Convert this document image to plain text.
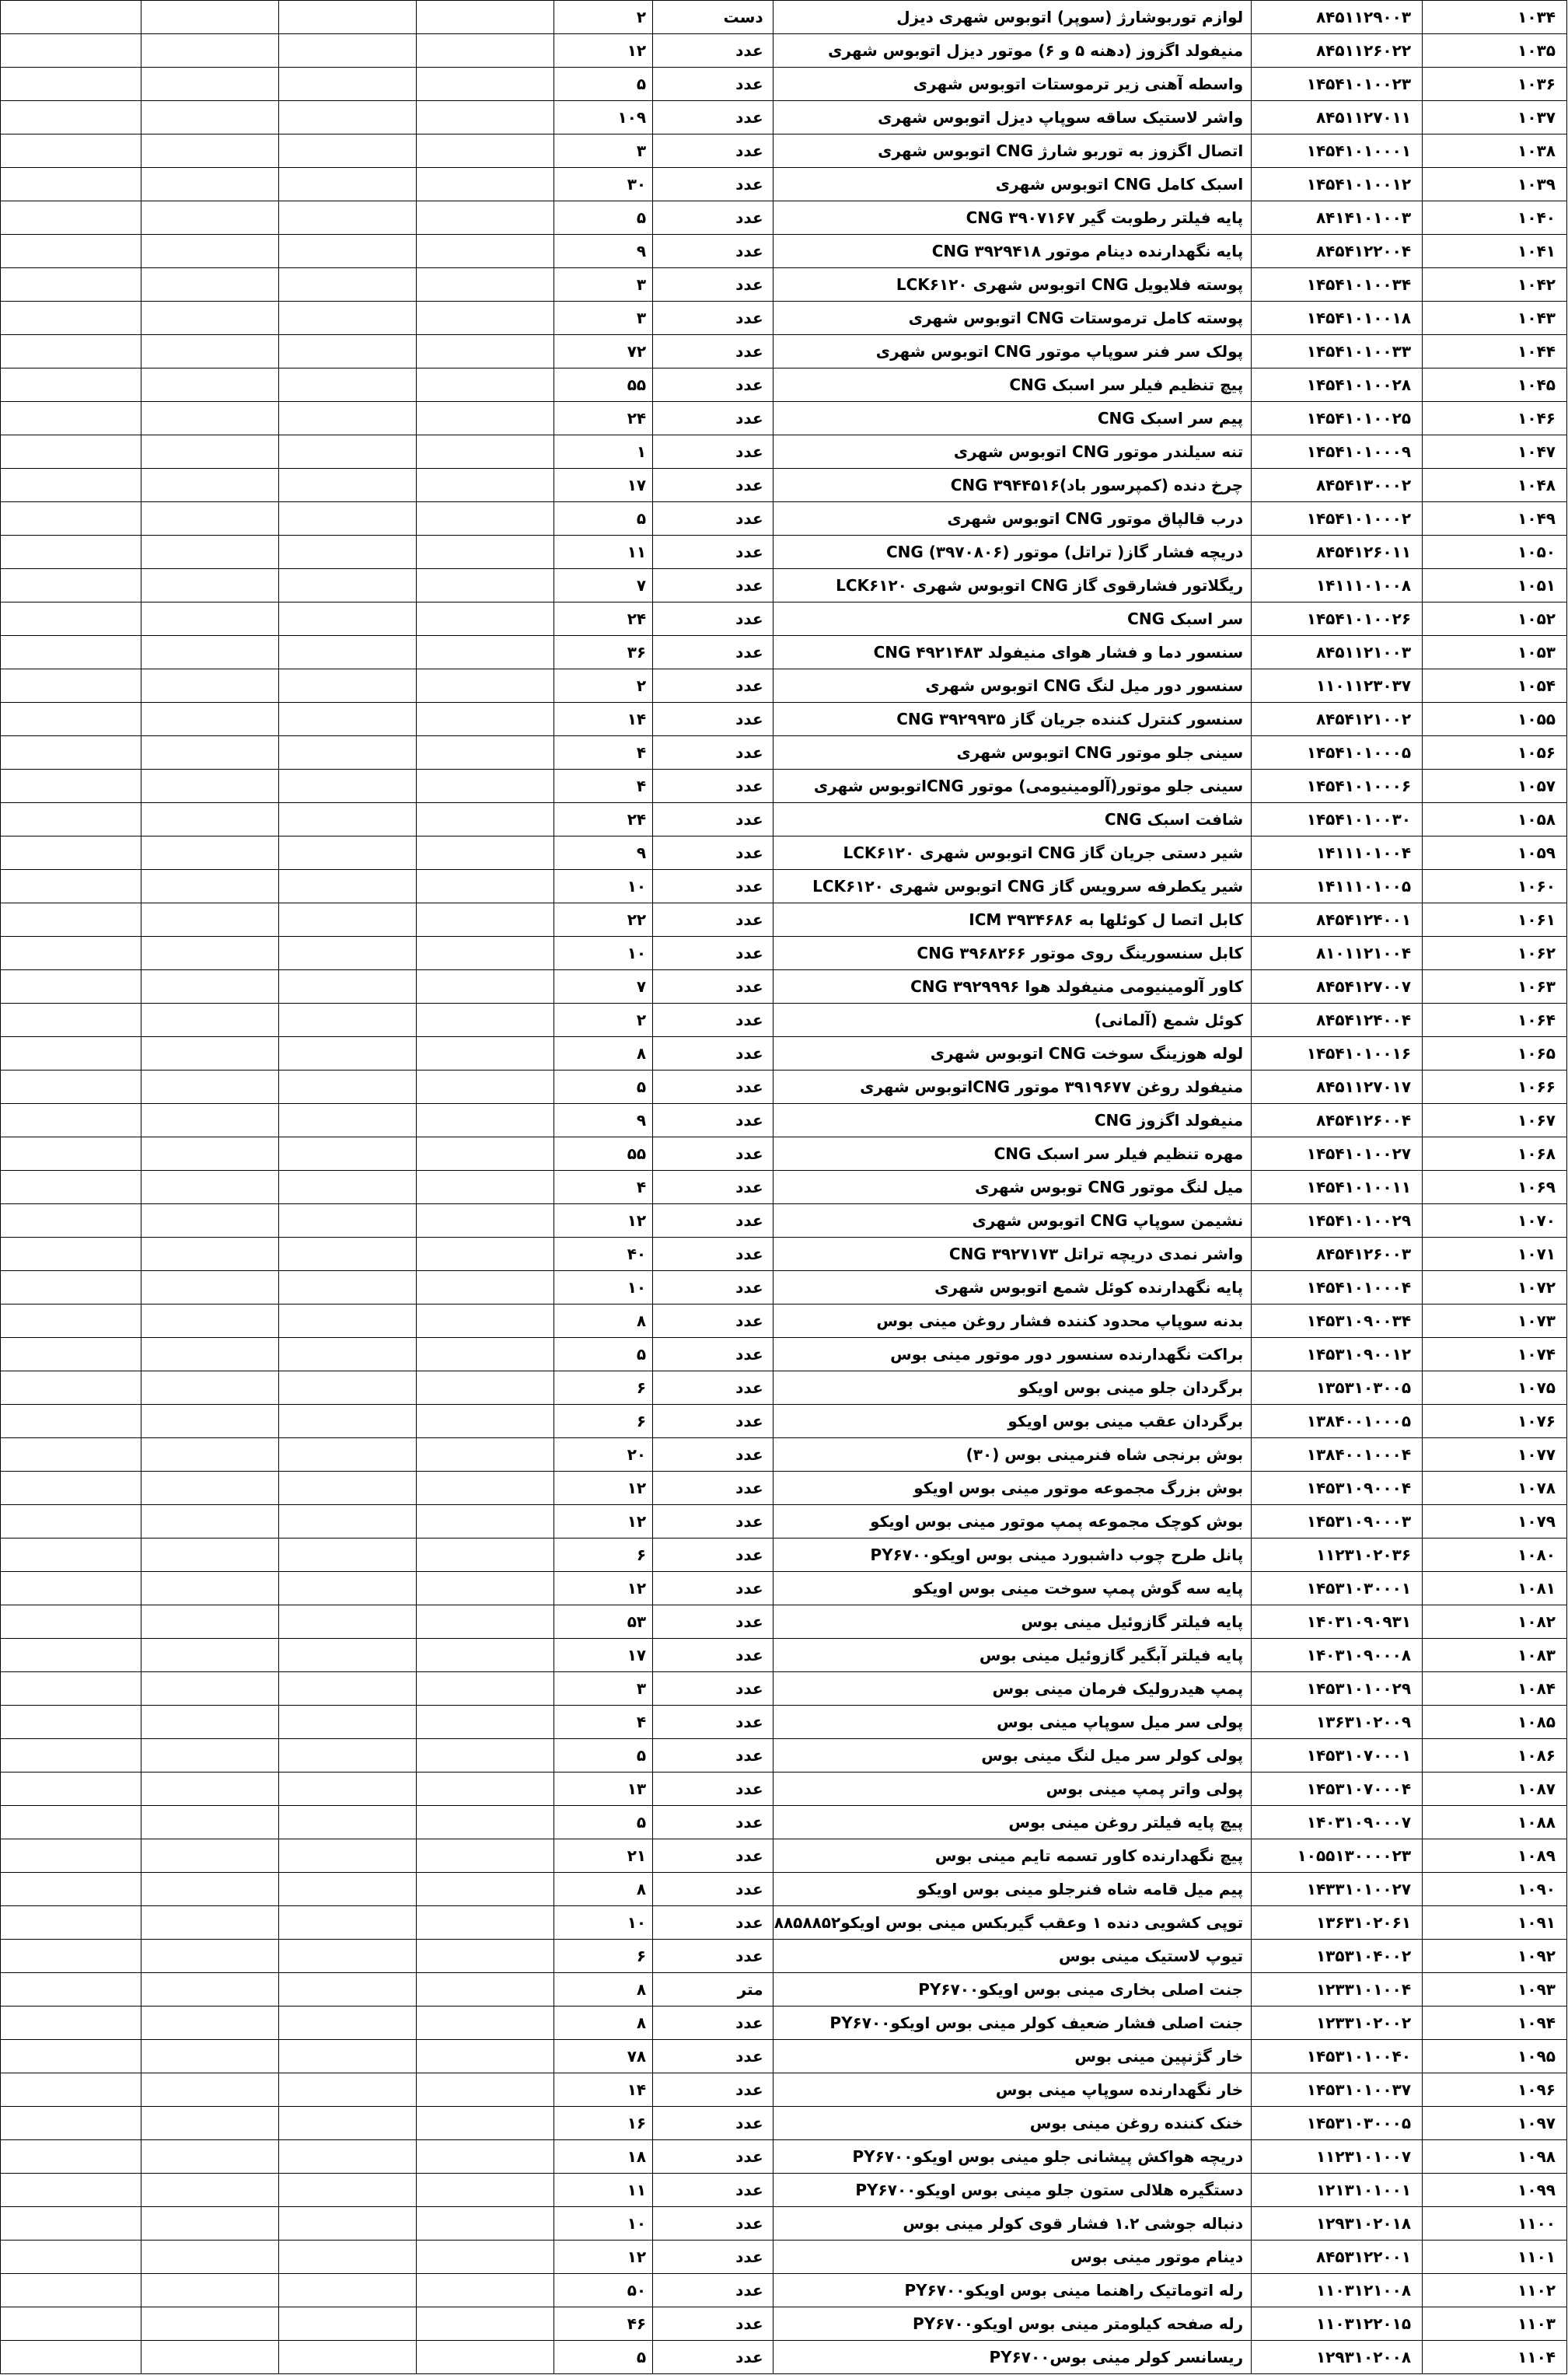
				۲	دست	لوازم توربوشارژ (سوپر) اتوبوس شهری دیزل	۸۴۵۱۱۲۹۰۰۳	۱۰۳۴
				۱۲	عدد	منیفولد اگزوز (دهنه ۵ و ۶) موتور دیزل اتوبوس شهری	۸۴۵۱۱۲۶۰۲۲	۱۰۳۵
				۵	عدد	واسطه آهنی زیر ترموستات اتوبوس شهری	۱۴۵۴۱۰۱۰۰۲۳	۱۰۳۶
				۱۰۹	عدد	واشر لاستیک ساقه سوپاپ دیزل اتوبوس شهری	۸۴۵۱۱۲۷۰۱۱	۱۰۳۷
				۳	عدد	اتصال اگزوز به توربو شارژ CNG اتوبوس شهری	۱۴۵۴۱۰۱۰۰۰۱	۱۰۳۸
				۳۰	عدد	اسبک کامل CNG اتوبوس شهری	۱۴۵۴۱۰۱۰۰۱۲	۱۰۳۹
				۵	عدد	پایه فیلتر رطوبت گیر ۳۹۰۷۱۶۷ CNG	۸۴۱۴۱۰۱۰۰۳	۱۰۴۰
				۹	عدد	پایه نگهدارنده دینام موتور ۳۹۲۹۴۱۸ CNG	۸۴۵۴۱۲۲۰۰۴	۱۰۴۱
				۳	عدد	پوسته فلایویل CNG اتوبوس شهری LCK۶۱۲۰	۱۴۵۴۱۰۱۰۰۳۴	۱۰۴۲
				۳	عدد	پوسته کامل ترموستات CNG اتوبوس شهری	۱۴۵۴۱۰۱۰۰۱۸	۱۰۴۳
				۷۲	عدد	پولک سر فنر سوپاپ موتور CNG اتوبوس شهری	۱۴۵۴۱۰۱۰۰۳۳	۱۰۴۴
				۵۵	عدد	پیچ تنظیم فیلر سر اسبک CNG	۱۴۵۴۱۰۱۰۰۲۸	۱۰۴۵
				۲۴	عدد	پیم سر اسبک CNG	۱۴۵۴۱۰۱۰۰۲۵	۱۰۴۶
				۱	عدد	تنه سیلندر موتور CNG اتوبوس شهری	۱۴۵۴۱۰۱۰۰۰۹	۱۰۴۷
				۱۷	عدد	چرخ دنده (کمپرسور باد)۳۹۴۴۵۱۶ CNG	۸۴۵۴۱۳۰۰۰۲	۱۰۴۸
				۵	عدد	درب قالپاق موتور CNG اتوبوس شهری	۱۴۵۴۱۰۱۰۰۰۲	۱۰۴۹
				۱۱	عدد	دریچه فشار گاز( تراتل) موتور (۳۹۷۰۸۰۶) CNG	۸۴۵۴۱۲۶۰۱۱	۱۰۵۰
				۷	عدد	ریگلاتور فشارقوی گاز CNG اتوبوس شهری LCK۶۱۲۰	۱۴۱۱۱۰۱۰۰۸	۱۰۵۱
				۲۴	عدد	سر اسبک CNG	۱۴۵۴۱۰۱۰۰۲۶	۱۰۵۲
				۳۶	عدد	سنسور دما و فشار هوای منیفولد ۴۹۲۱۴۸۳ CNG	۸۴۵۱۱۲۱۰۰۳	۱۰۵۳
				۲	عدد	سنسور دور میل لنگ CNG اتوبوس شهری	۱۱۰۱۱۲۳۰۳۷	۱۰۵۴
				۱۴	عدد	سنسور کنترل کننده جریان گاز ۳۹۲۹۹۳۵ CNG	۸۴۵۴۱۲۱۰۰۲	۱۰۵۵
				۴	عدد	سینی جلو موتور CNG اتوبوس شهری	۱۴۵۴۱۰۱۰۰۰۵	۱۰۵۶
				۴	عدد	سینی جلو موتور(آلومینیومی) موتور CNGاتوبوس شهری	۱۴۵۴۱۰۱۰۰۰۶	۱۰۵۷
				۲۴	عدد	شافت اسبک CNG	۱۴۵۴۱۰۱۰۰۳۰	۱۰۵۸
				۹	عدد	شیر دستی جریان گاز CNG اتوبوس شهری LCK۶۱۲۰	۱۴۱۱۱۰۱۰۰۴	۱۰۵۹
				۱۰	عدد	شیر یکطرفه سرویس گاز CNG اتوبوس شهری LCK۶۱۲۰	۱۴۱۱۱۰۱۰۰۵	۱۰۶۰
				۲۲	عدد	کابل اتصا ل کوئلها به ۳۹۳۴۶۸۶ ICM	۸۴۵۴۱۲۴۰۰۱	۱۰۶۱
				۱۰	عدد	کابل سنسورینگ روی موتور ۳۹۶۸۲۶۶ CNG	۸۱۰۱۱۲۱۰۰۴	۱۰۶۲
				۷	عدد	کاور آلومینیومی منیفولد هوا ۳۹۲۹۹۹۶ CNG	۸۴۵۴۱۲۷۰۰۷	۱۰۶۳
				۲	عدد	کوئل شمع (آلمانی)	۸۴۵۴۱۲۴۰۰۴	۱۰۶۴
				۸	عدد	لوله هوزینگ سوخت CNG اتوبوس شهری	۱۴۵۴۱۰۱۰۰۱۶	۱۰۶۵
				۵	عدد	منیفولد روغن ۳۹۱۹۶۷۷ موتور CNGاتوبوس شهری	۸۴۵۱۱۲۷۰۱۷	۱۰۶۶
				۹	عدد	منیفولد اگزوز CNG	۸۴۵۴۱۲۶۰۰۴	۱۰۶۷
				۵۵	عدد	مهره تنظیم فیلر سر اسبک CNG	۱۴۵۴۱۰۱۰۰۲۷	۱۰۶۸
				۴	عدد	میل لنگ موتور CNG توبوس شهری	۱۴۵۴۱۰۱۰۰۱۱	۱۰۶۹
				۱۲	عدد	نشیمن سوپاپ CNG اتوبوس شهری	۱۴۵۴۱۰۱۰۰۲۹	۱۰۷۰
				۴۰	عدد	واشر نمدی دریچه تراتل ۳۹۲۷۱۷۳ CNG	۸۴۵۴۱۲۶۰۰۳	۱۰۷۱
				۱۰	عدد	پایه نگهدارنده کوئل شمع اتوبوس شهری	۱۴۵۴۱۰۱۰۰۰۴	۱۰۷۲
				۸	عدد	بدنه سوپاپ محدود کننده فشار روغن مینی بوس	۱۴۵۳۱۰۹۰۰۳۴	۱۰۷۳
				۵	عدد	براکت نگهدارنده سنسور دور موتور مینی بوس	۱۴۵۳۱۰۹۰۰۱۲	۱۰۷۴
				۶	عدد	برگردان جلو مینی بوس اویکو	۱۳۵۳۱۰۳۰۰۵	۱۰۷۵
				۶	عدد	برگردان عقب مینی بوس اویکو	۱۳۸۴۰۰۱۰۰۰۵	۱۰۷۶
				۲۰	عدد	بوش برنجی شاه فنرمینی بوس (۳۰)	۱۳۸۴۰۰۱۰۰۰۴	۱۰۷۷
				۱۲	عدد	بوش بزرگ مجموعه موتور مینی بوس اویکو	۱۴۵۳۱۰۹۰۰۰۴	۱۰۷۸
				۱۲	عدد	بوش کوچک مجموعه پمپ موتور مینی بوس اویکو	۱۴۵۳۱۰۹۰۰۰۳	۱۰۷۹
				۶	عدد	پانل طرح چوب داشبورد مینی بوس اویکوPY۶۷۰۰	۱۱۲۳۱۰۲۰۳۶	۱۰۸۰
				۱۲	عدد	پایه سه گوش پمپ سوخت مینی بوس اویکو	۱۴۵۳۱۰۳۰۰۰۱	۱۰۸۱
				۵۳	عدد	پایه فیلتر گازوئیل مینی بوس	۱۴۰۳۱۰۹۰۹۳۱	۱۰۸۲
				۱۷	عدد	پایه فیلتر آبگیر گازوئیل مینی بوس	۱۴۰۳۱۰۹۰۰۰۸	۱۰۸۳
				۳	عدد	پمپ هیدرولیک فرمان مینی بوس	۱۴۵۳۱۰۱۰۰۲۹	۱۰۸۴
				۴	عدد	پولی سر میل سوپاپ مینی بوس	۱۳۶۳۱۰۲۰۰۹	۱۰۸۵
				۵	عدد	پولی کولر سر میل لنگ مینی بوس	۱۴۵۳۱۰۷۰۰۰۱	۱۰۸۶
				۱۳	عدد	پولی واتر پمپ مینی بوس	۱۴۵۳۱۰۷۰۰۰۴	۱۰۸۷
				۵	عدد	پیچ پایه فیلتر روغن مینی بوس	۱۴۰۳۱۰۹۰۰۰۷	۱۰۸۸
				۲۱	عدد	پیچ نگهدارنده کاور تسمه تایم مینی بوس	۱۰۵۵۱۳۰۰۰۰۲۳	۱۰۸۹
				۸	عدد	پیم میل قامه شاه فنرجلو مینی بوس اویکو	۱۴۳۳۱۰۱۰۰۲۷	۱۰۹۰
				۱۰	عدد	توپی کشویی دنده ۱ وعقب گیربکس مینی بوس اویکو۸۸۵۸۸۵۲	۱۳۶۳۱۰۲۰۶۱	۱۰۹۱
				۶	عدد	تیوپ لاستیک مینی بوس	۱۳۵۳۱۰۴۰۰۲	۱۰۹۲
				۸	متر	جنت اصلی بخاری مینی بوس اویکوPY۶۷۰۰	۱۲۳۳۱۰۱۰۰۴	۱۰۹۳
				۸	عدد	جنت اصلی فشار ضعیف کولر مینی بوس اویکوPY۶۷۰۰	۱۲۳۳۱۰۲۰۰۲	۱۰۹۴
				۷۸	عدد	خار گژنپین مینی بوس	۱۴۵۳۱۰۱۰۰۴۰	۱۰۹۵
				۱۴	عدد	خار نگهدارنده سوپاپ مینی بوس	۱۴۵۳۱۰۱۰۰۳۷	۱۰۹۶
				۱۶	عدد	خنک کننده روغن مینی بوس	۱۴۵۳۱۰۳۰۰۰۵	۱۰۹۷
				۱۸	عدد	دریچه هواکش پیشانی جلو مینی بوس اویکوPY۶۷۰۰	۱۱۲۳۱۰۱۰۰۷	۱۰۹۸
				۱۱	عدد	دستگیره هلالی ستون جلو مینی بوس اویکوPY۶۷۰۰	۱۲۱۳۱۰۱۰۰۱	۱۰۹۹
				۱۰	عدد	دنباله جوشی ۱.۲ فشار قوی کولر مینی بوس	۱۲۹۳۱۰۲۰۱۸	۱۱۰۰
				۱۲	عدد	دینام موتور مینی بوس	۸۴۵۳۱۲۲۰۰۱	۱۱۰۱
				۵۰	عدد	رله اتوماتیک راهنما مینی بوس اویکوPY۶۷۰۰	۱۱۰۳۱۲۱۰۰۸	۱۱۰۲
				۴۶	عدد	رله صفحه کیلومتر مینی بوس اویکوPY۶۷۰۰	۱۱۰۳۱۲۲۰۱۵	۱۱۰۳
				۵	عدد	ریسانسر کولر مینی بوسPY۶۷۰۰	۱۲۹۳۱۰۲۰۰۸	۱۱۰۴
